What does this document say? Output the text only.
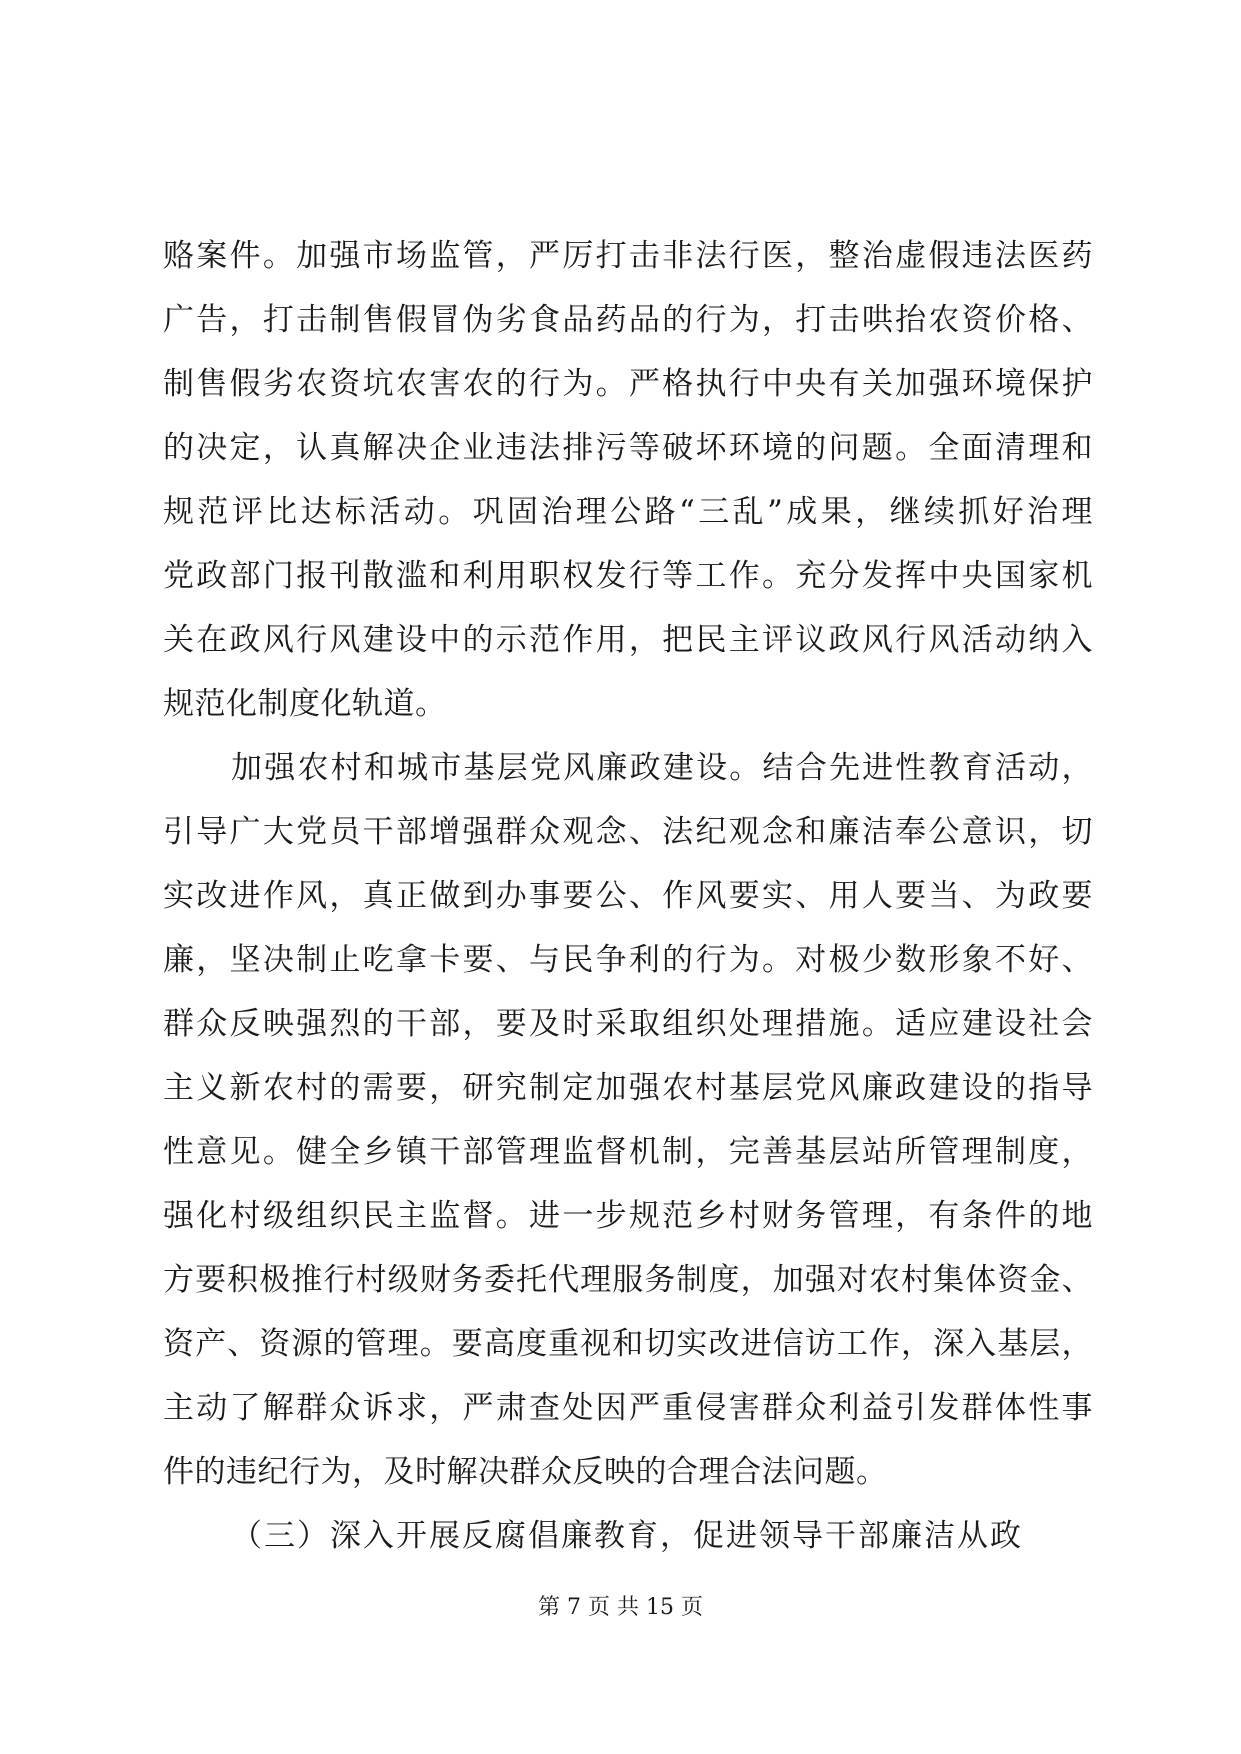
赂案件。加强市场监管，严厉打击非法行医，整治虚假违法医药
广告，打击制售假冒伪劣食品药品的行为，打击哄抬农资价格、
制售假劣农资坑农害农的行为。严格执行中央有关加强环境保护
的决定，认真解决企业违法排污等破坏环境的问题。全面清理和
规范评比达标活动。巩固治理公路“三乱”成果，继续抓好治理
党政部门报刊散滥和利用职权发行等工作。充分发挥中央国家机
关在政风行风建设中的示范作用，把民主评议政风行风活动纳入
规范化制度化轨道。
加强农村和城市基层党风廉政建设。结合先进性教育活动，
引导广大党员干部增强群众观念、法纪观念和廉洁奉公意识，切
实改进作风，真正做到办事要公、作风要实、用人要当、为政要
廉，坚决制止吃拿卡要、与民争利的行为。对极少数形象不好、
群众反映强烈的干部，要及时采取组织处理措施。适应建设社会
主义新农村的需要，研究制定加强农村基层党风廉政建设的指导
性意见。健全乡镇干部管理监督机制，完善基层站所管理制度，
强化村级组织民主监督。进一步规范乡村财务管理，有条件的地
方要积极推行村级财务委托代理服务制度，加强对农村集体资金、
资产、资源的管理。要高度重视和切实改进信访工作，深入基层，
主动了解群众诉求，严肃查处因严重侵害群众利益引发群体性事
件的违纪行为，及时解决群众反映的合理合法问题。
（三）深入开展反腐倡廉教育，促进领导干部廉洁从政
第 7 页 共 15 页
